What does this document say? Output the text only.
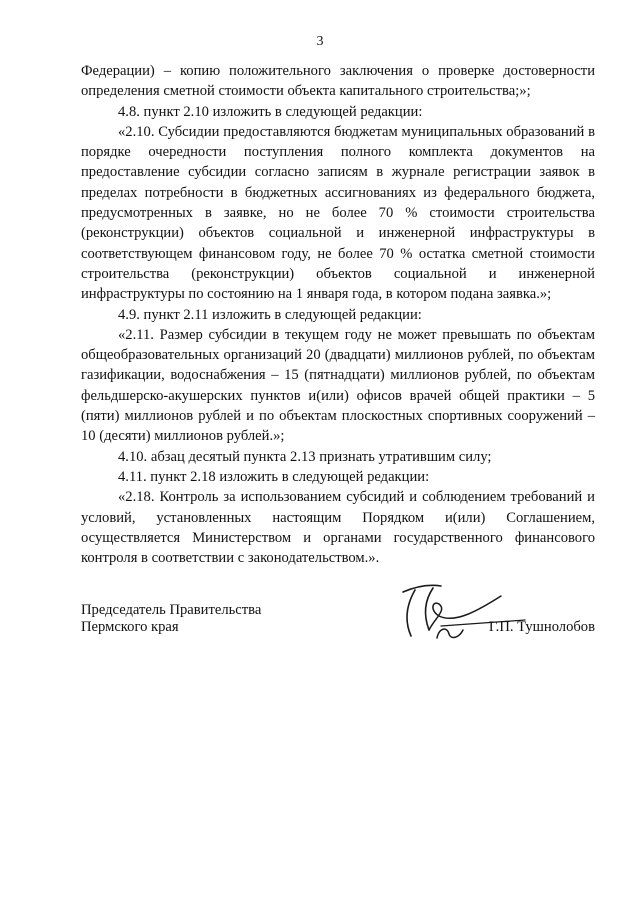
3

Федерации) – копию положительного заключения о проверке достоверности определения сметной стоимости объекта капитального строительства;»;

4.8. пункт 2.10 изложить в следующей редакции:

«2.10. Субсидии предоставляются бюджетам муниципальных образований в порядке очередности поступления полного комплекта документов на предоставление субсидии согласно записям в журнале регистрации заявок в пределах потребности в бюджетных ассигнованиях из федерального бюджета, предусмотренных в заявке, но не более 70 % стоимости строительства (реконструкции) объектов социальной и инженерной инфраструктуры в соответствующем финансовом году, не более 70 % остатка сметной стоимости строительства (реконструкции) объектов социальной и инженерной инфраструктуры по состоянию на 1 января года, в котором подана заявка.»;

4.9. пункт 2.11 изложить в следующей редакции:

«2.11. Размер субсидии в текущем году не может превышать по объектам общеобразовательных организаций 20 (двадцати) миллионов рублей, по объектам газификации, водоснабжения – 15 (пятнадцати) миллионов рублей, по объектам фельдшерско-акушерских пунктов и(или) офисов врачей общей практики – 5 (пяти) миллионов рублей и по объектам плоскостных спортивных сооружений – 10 (десяти) миллионов рублей.»;

4.10. абзац десятый пункта 2.13 признать утратившим силу;

4.11. пункт 2.18 изложить в следующей редакции:

«2.18. Контроль за использованием субсидий и соблюдением требований и условий, установленных настоящим Порядком и(или) Соглашением, осуществляется Министерством и органами государственного финансового контроля в соответствии с законодательством.».

Председатель Правительства
Пермского края	Г.П. Тушнолобов
